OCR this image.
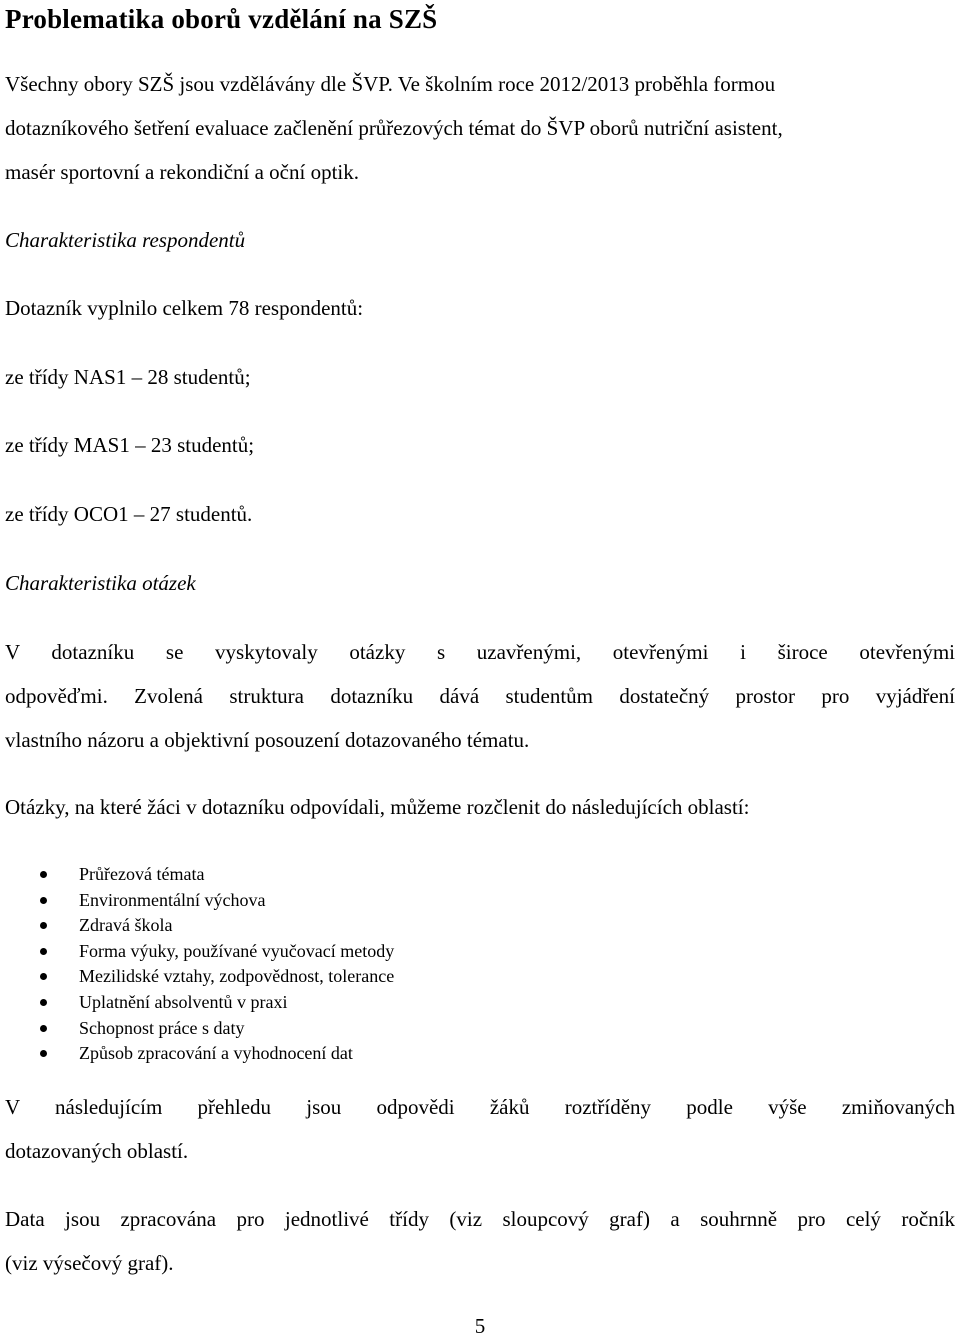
Problematika oborů vzdělání na SZŠ
Všechny obory SZŠ jsou vzdělávány dle ŠVP. Ve školním roce 2012/2013 proběhla formou
dotazníkového šetření evaluace začlenění průřezových témat do ŠVP oborů nutriční asistent,
masér sportovní a rekondiční a oční optik.

Charakteristika respondentů

Dotazník vyplnilo celkem 78 respondentů:

ze třídy NAS1 – 28 studentů;

ze třídy MAS1 – 23 studentů;

ze třídy OCO1 – 27 studentů.

Charakteristika otázek

V dotazníku se vyskytovaly otázky s uzavřenými, otevřenými i široce otevřenými

odpověďmi. Zvolená struktura dotazníku dává studentům dostatečný prostor pro vyjádření

vlastního názoru a objektivní posouzení dotazovaného tématu.

Otázky, na které žáci v dotazníku odpovídali, můžeme rozčlenit do následujících oblastí:

Průřezová témata
Environmentální výchova
Zdravá škola
Forma výuky, používané vyučovací metody
Mezilidské vztahy, zodpovědnost, tolerance
Uplatnění absolventů v praxi
Schopnost práce s daty
Způsob zpracování a vyhodnocení dat

V následujícím přehledu jsou odpovědi žáků roztříděny podle výše zmiňovaných

dotazovaných oblastí.

Data jsou zpracována pro jednotlivé třídy (viz sloupcový graf) a souhrnně pro celý ročník

(viz výsečový graf).

5
